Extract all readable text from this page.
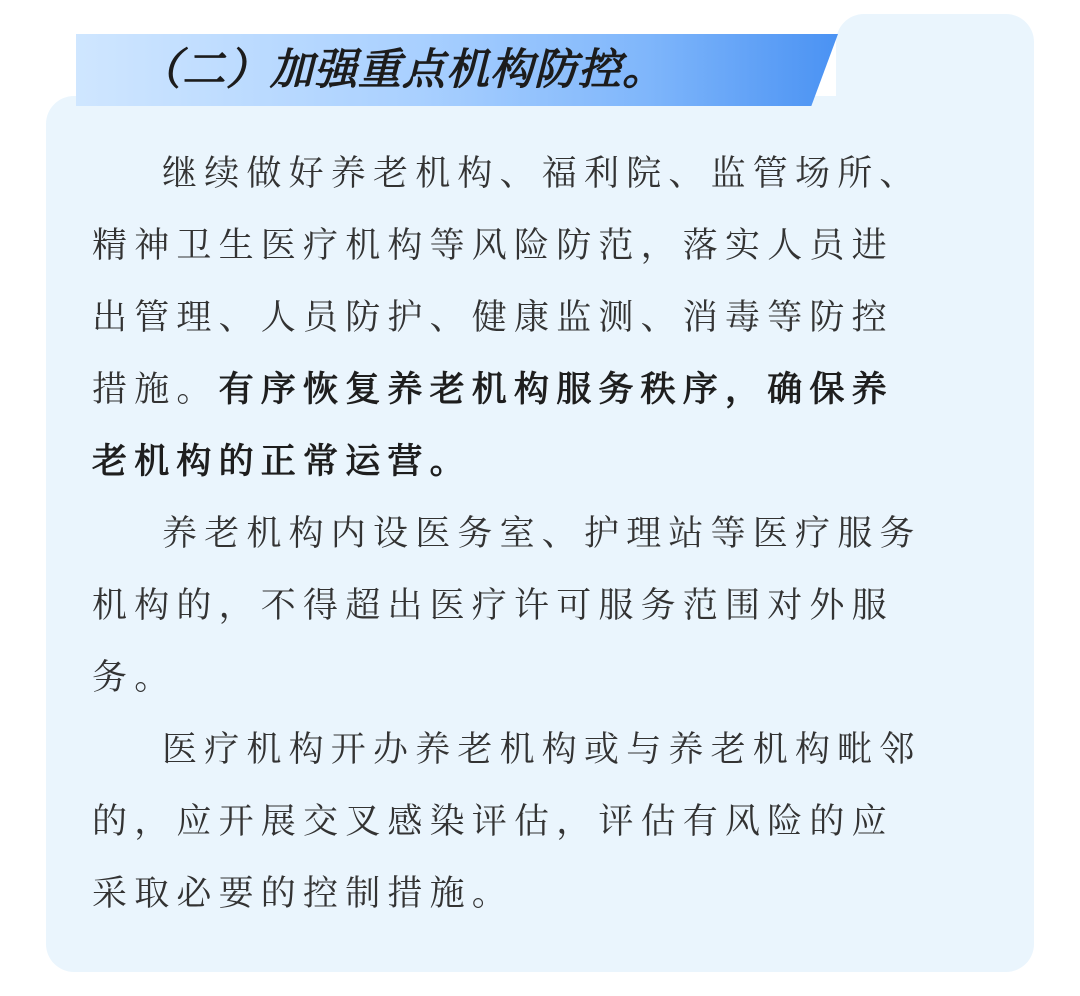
（二）加强重点机构防控。
继续做好养老机构、福利院、监管场所、
精神卫生医疗机构等风险防范，落实人员进
出管理、人员防护、健康监测、消毒等防控
措施。有序恢复养老机构服务秩序，确保养
老机构的正常运营。
养老机构内设医务室、护理站等医疗服务
机构的，不得超出医疗许可服务范围对外服
务。
医疗机构开办养老机构或与养老机构毗邻
的，应开展交叉感染评估，评估有风险的应
采取必要的控制措施。
